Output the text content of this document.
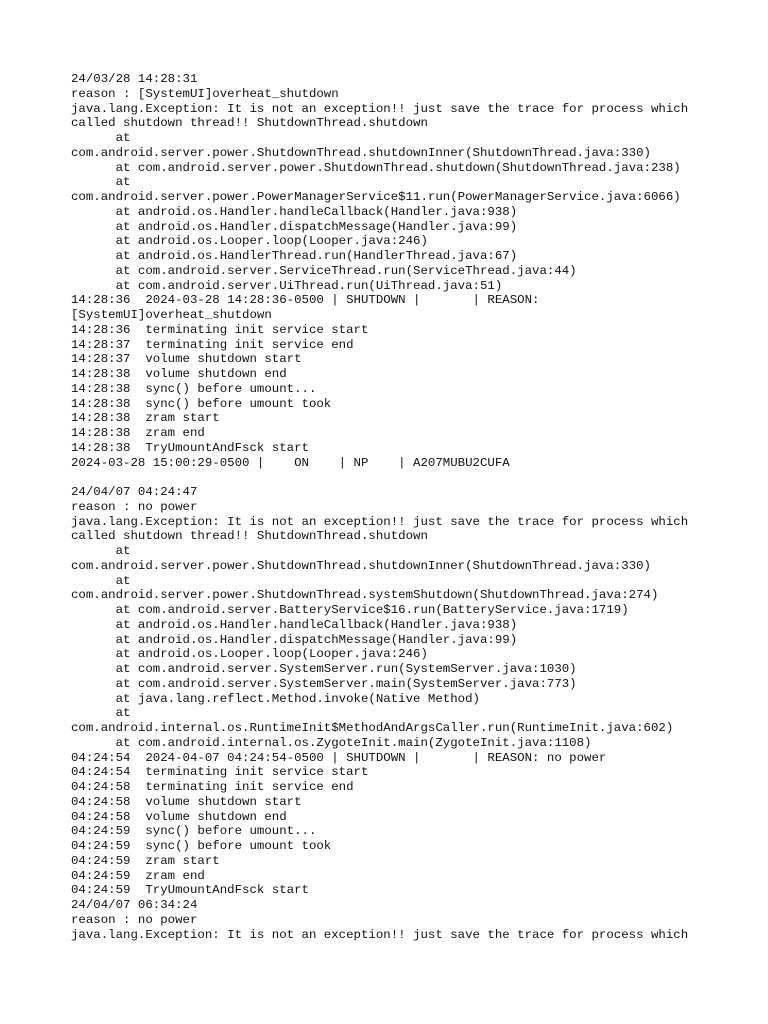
24/03/28 14:28:31
reason : [SystemUI]overheat_shutdown
java.lang.Exception: It is not an exception!! just save the trace for process which
called shutdown thread!! ShutdownThread.shutdown
at
com.android.server.power.ShutdownThread.shutdownInner(ShutdownThread.java:330)
at com.android.server.power.ShutdownThread.shutdown(ShutdownThread.java:238)
at
com.android.server.power.PowerManagerService$11.run(PowerManagerService.java:6066)
at android.os.Handler.handleCallback(Handler.java:938)
at android.os.Handler.dispatchMessage(Handler.java:99)
at android.os.Looper.loop(Looper.java:246)
at android.os.HandlerThread.run(HandlerThread.java:67)
at com.android.server.ServiceThread.run(ServiceThread.java:44)
at com.android.server.UiThread.run(UiThread.java:51)
14:28:36  2024-03-28 14:28:36-0500 | SHUTDOWN |       | REASON:
[SystemUI]overheat_shutdown
14:28:36  terminating init service start
14:28:37  terminating init service end
14:28:37  volume shutdown start
14:28:38  volume shutdown end
14:28:38  sync() before umount...
14:28:38  sync() before umount took
14:28:38  zram start
14:28:38  zram end
14:28:38  TryUmountAndFsck start
2024-03-28 15:00:29-0500 |    ON    | NP    | A207MUBU2CUFA
24/04/07 04:24:47
reason : no power
java.lang.Exception: It is not an exception!! just save the trace for process which
called shutdown thread!! ShutdownThread.shutdown
at
com.android.server.power.ShutdownThread.shutdownInner(ShutdownThread.java:330)
at
com.android.server.power.ShutdownThread.systemShutdown(ShutdownThread.java:274)
at com.android.server.BatteryService$16.run(BatteryService.java:1719)
at android.os.Handler.handleCallback(Handler.java:938)
at android.os.Handler.dispatchMessage(Handler.java:99)
at android.os.Looper.loop(Looper.java:246)
at com.android.server.SystemServer.run(SystemServer.java:1030)
at com.android.server.SystemServer.main(SystemServer.java:773)
at java.lang.reflect.Method.invoke(Native Method)
at
com.android.internal.os.RuntimeInit$MethodAndArgsCaller.run(RuntimeInit.java:602)
at com.android.internal.os.ZygoteInit.main(ZygoteInit.java:1108)
04:24:54  2024-04-07 04:24:54-0500 | SHUTDOWN |       | REASON: no power
04:24:54  terminating init service start
04:24:58  terminating init service end
04:24:58  volume shutdown start
04:24:58  volume shutdown end
04:24:59  sync() before umount...
04:24:59  sync() before umount took
04:24:59  zram start
04:24:59  zram end
04:24:59  TryUmountAndFsck start
24/04/07 06:34:24
reason : no power
java.lang.Exception: It is not an exception!! just save the trace for process which
